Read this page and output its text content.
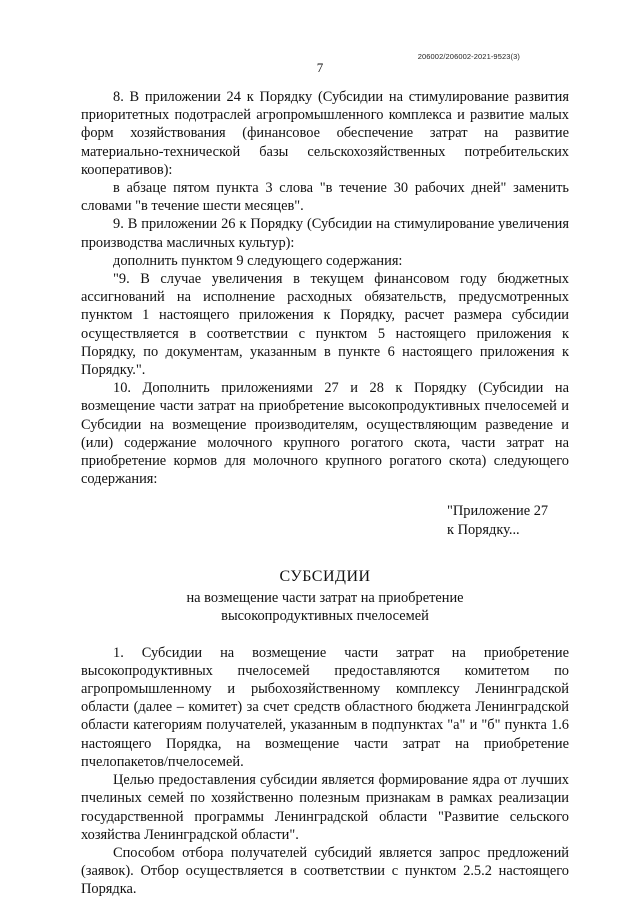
206002/206002-2021-9523(3)
7

8. В приложении 24 к Порядку (Субсидии на стимулирование развития приоритетных подотраслей агропромышленного комплекса и развитие малых форм хозяйствования (финансовое обеспечение затрат на развитие материально-технической базы сельскохозяйственных потребительских кооперативов):

в абзаце пятом пункта 3 слова "в течение 30 рабочих дней" заменить словами "в течение шести месяцев".

9. В приложении 26 к Порядку (Субсидии на стимулирование увеличения производства масличных культур):

дополнить пунктом 9 следующего содержания:

"9. В случае увеличения в текущем финансовом году бюджетных ассигнований на исполнение расходных обязательств, предусмотренных пунктом 1 настоящего приложения к Порядку, расчет размера субсидии осуществляется в соответствии с пунктом 5 настоящего приложения к Порядку, по документам, указанным в пункте 6 настоящего приложения к Порядку.".

10. Дополнить приложениями 27 и 28 к Порядку (Субсидии на возмещение части затрат на приобретение высокопродуктивных пчелосемей и Субсидии на возмещение производителям, осуществляющим разведение и (или) содержание молочного крупного рогатого скота, части затрат на приобретение кормов для молочного крупного рогатого скота) следующего содержания:

"Приложение 27
к Порядку...
СУБСИДИИ
на возмещение части затрат на приобретение
высокопродуктивных пчелосемей

1. Субсидии на возмещение части затрат на приобретение высокопродуктивных пчелосемей предоставляются комитетом по агропромышленному и рыбохозяйственному комплексу Ленинградской области (далее – комитет) за счет средств областного бюджета Ленинградской области категориям получателей, указанным в подпунктах "а" и "б" пункта 1.6 настоящего Порядка, на возмещение части затрат на приобретение пчелопакетов/пчелосемей.

Целью предоставления субсидии является формирование ядра от лучших пчелиных семей по хозяйственно полезным признакам в рамках реализации государственной программы Ленинградской области "Развитие сельского хозяйства Ленинградской области".

Способом отбора получателей субсидий является запрос предложений (заявок). Отбор осуществляется в соответствии с пунктом 2.5.2 настоящего Порядка.
